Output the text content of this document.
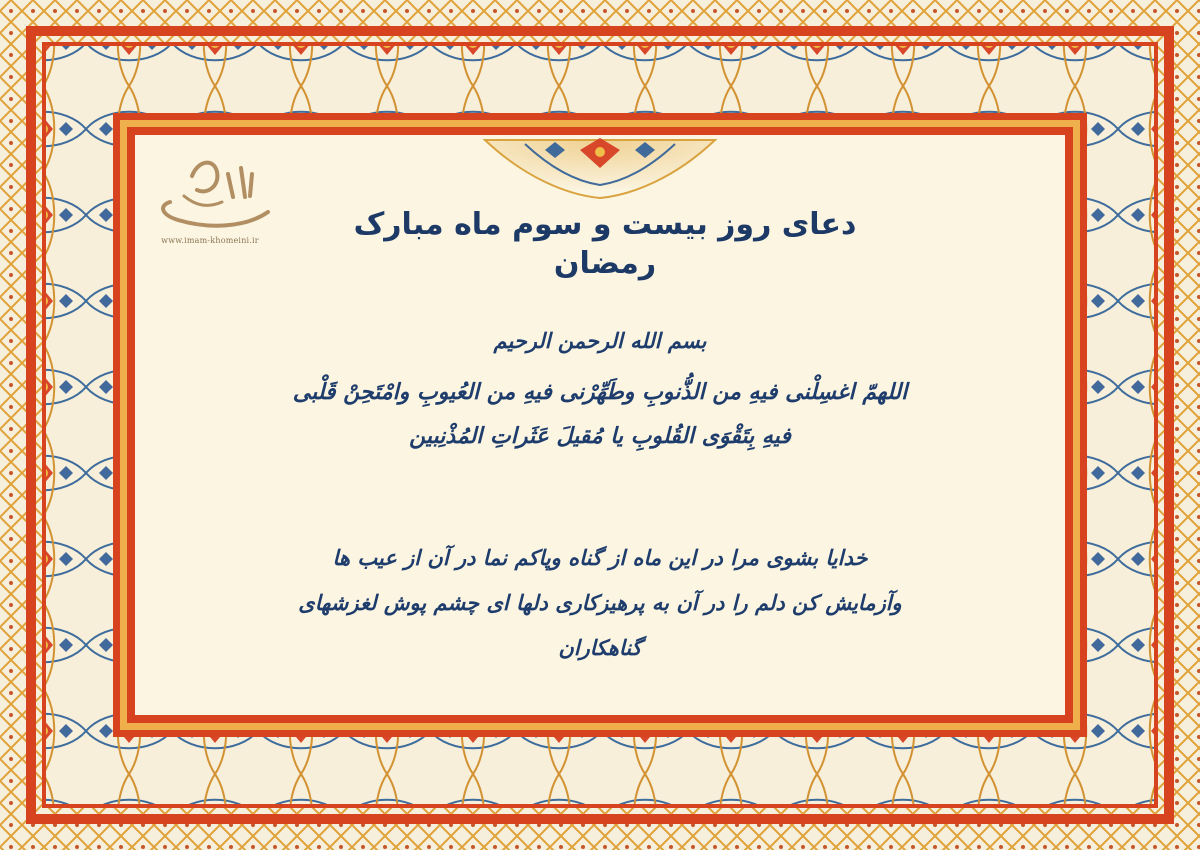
www.imam-khomeini.ir	دعای روز بیست و سوم ماه مبارک رمضان
بسم الله الرحمن الرحیم
اللهمّ اغسِلْنی فیهِ من الذُّنوبِ وطَهِّرْنی فیهِ من العُیوبِ وامْتَحِنْ قَلْبی
فیهِ بِتَقْوَی القُلوبِ یا مُقیلَ عَثَراتِ المُذْنِبین
خدایا بشوی مرا در این ماه از گناه وپاکم نما در آن از عیب ها
وآزمایش کن دلم را در آن به پرهیزکاری دلها ای چشم پوش لغزشهای
گناهکاران
